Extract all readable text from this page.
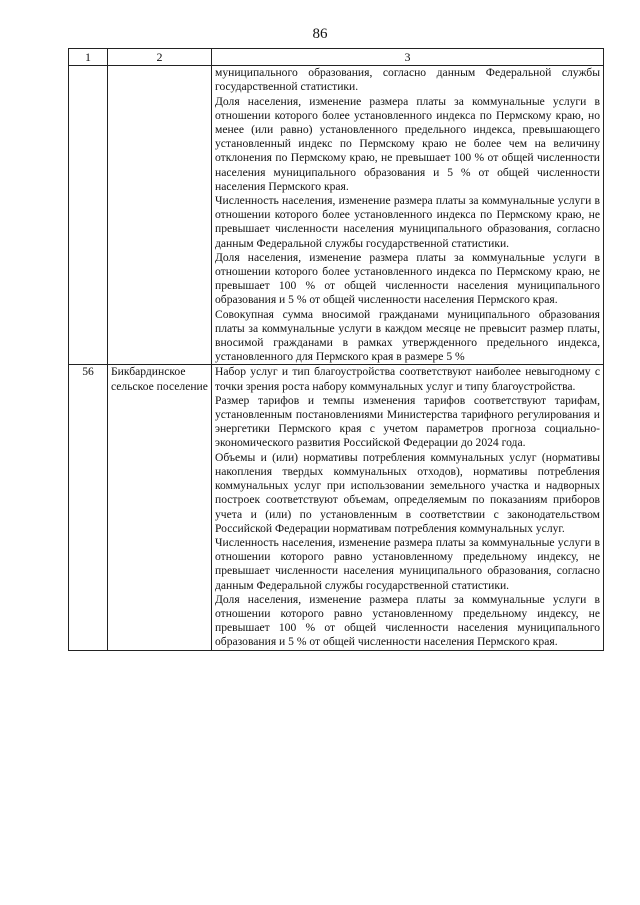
86
1	2	3

		муниципального образования, согласно данным Федеральной службы государственной статистики.

Доля населения, изменение размера платы за коммунальные услуги в отношении которого более установленного индекса по Пермскому краю, но менее (или равно) установленного предельного индекса, превышающего установленный индекс по Пермскому краю не более чем на величину отклонения по Пермскому краю, не превышает 100 % от общей численности населения муниципального образования и 5 % от общей численности населения Пермского края.

Численность населения, изменение размера платы за коммунальные услуги в отношении которого более установленного индекса по Пермскому краю, не превышает численности населения муниципального образования, согласно данным Федеральной службы государственной статистики.

Доля населения, изменение размера платы за коммунальные услуги в отношении которого более установленного индекса по Пермскому краю, не превышает 100 % от общей численности населения муниципального образования и 5 % от общей численности населения Пермского края.

Совокупная сумма вносимой гражданами муниципального образования платы за коммунальные услуги в каждом месяце не превысит размер платы, вносимой гражданами в рамках утвержденного предельного индекса, установленного для Пермского края в размере 5 %

56	Бикбардинское сельское поселение	Набор услуг и тип благоустройства соответствуют наиболее невыгодному с точки зрения роста набору коммунальных услуг и типу благоустройства.

Размер тарифов и темпы изменения тарифов соответствуют тарифам, установленным постановлениями Министерства тарифного регулирования и энергетики Пермского края с учетом параметров прогноза социально-экономического развития Российской Федерации до 2024 года.

Объемы и (или) нормативы потребления коммунальных услуг (нормативы накопления твердых коммунальных отходов), нормативы потребления коммунальных услуг при использовании земельного участка и надворных построек соответствуют объемам, определяемым по показаниям приборов учета и (или) по установленным в соответствии с законодательством Российской Федерации нормативам потребления коммунальных услуг.

Численность населения, изменение размера платы за коммунальные услуги в отношении которого равно установленному предельному индексу, не превышает численности населения муниципального образования, согласно данным Федеральной службы государственной статистики.

Доля населения, изменение размера платы за коммунальные услуги в отношении которого равно установленному предельному индексу, не превышает 100 % от общей численности населения муниципального образования и 5 % от общей численности населения Пермского края.
